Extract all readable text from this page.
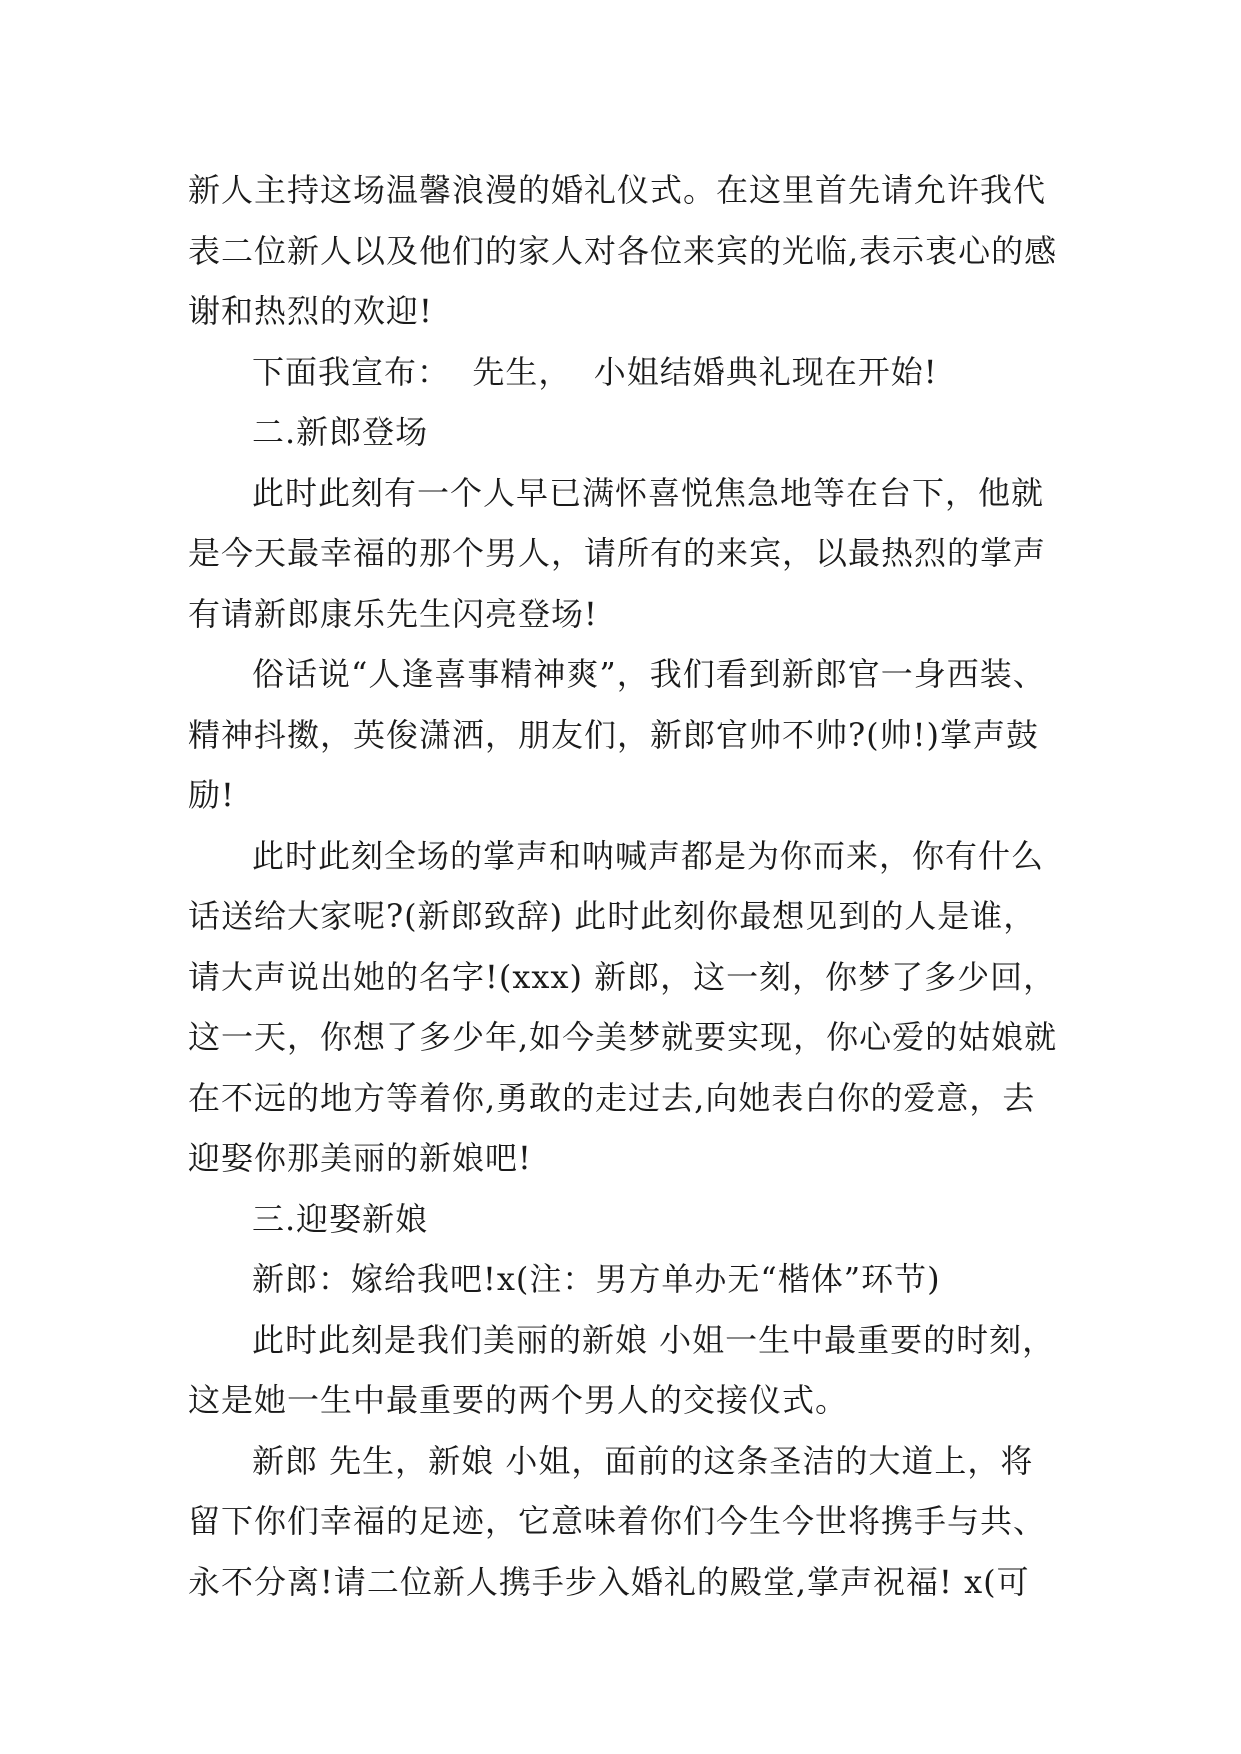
新人主持这场温馨浪漫的婚礼仪式。在这里首先请允许我代表二位新人以及他们的家人对各位来宾的光临,表示衷心的感谢和热烈的欢迎!

下面我宣布：  先生，  小姐结婚典礼现在开始!

二.新郎登场

此时此刻有一个人早已满怀喜悦焦急地等在台下，他就是今天最幸福的那个男人，请所有的来宾，以最热烈的掌声有请新郎康乐先生闪亮登场!

俗话说“人逢喜事精神爽”，我们看到新郎官一身西装、精神抖擞，英俊潇洒，朋友们，新郎官帅不帅?(帅!)掌声鼓励!

此时此刻全场的掌声和呐喊声都是为你而来，你有什么话送给大家呢?(新郎致辞) 此时此刻你最想见到的人是谁，请大声说出她的名字!(xxx) 新郎，这一刻，你梦了多少回，这一天，你想了多少年,如今美梦就要实现，你心爱的姑娘就在不远的地方等着你,勇敢的走过去,向她表白你的爱意，去迎娶你那美丽的新娘吧!

三.迎娶新娘

新郎：嫁给我吧!x(注：男方单办无“楷体”环节)

此时此刻是我们美丽的新娘 小姐一生中最重要的时刻，这是她一生中最重要的两个男人的交接仪式。

新郎 先生，新娘 小姐，面前的这条圣洁的大道上，将留下你们幸福的足迹，它意味着你们今生今世将携手与共、永不分离!请二位新人携手步入婚礼的殿堂,掌声祝福! x(可
